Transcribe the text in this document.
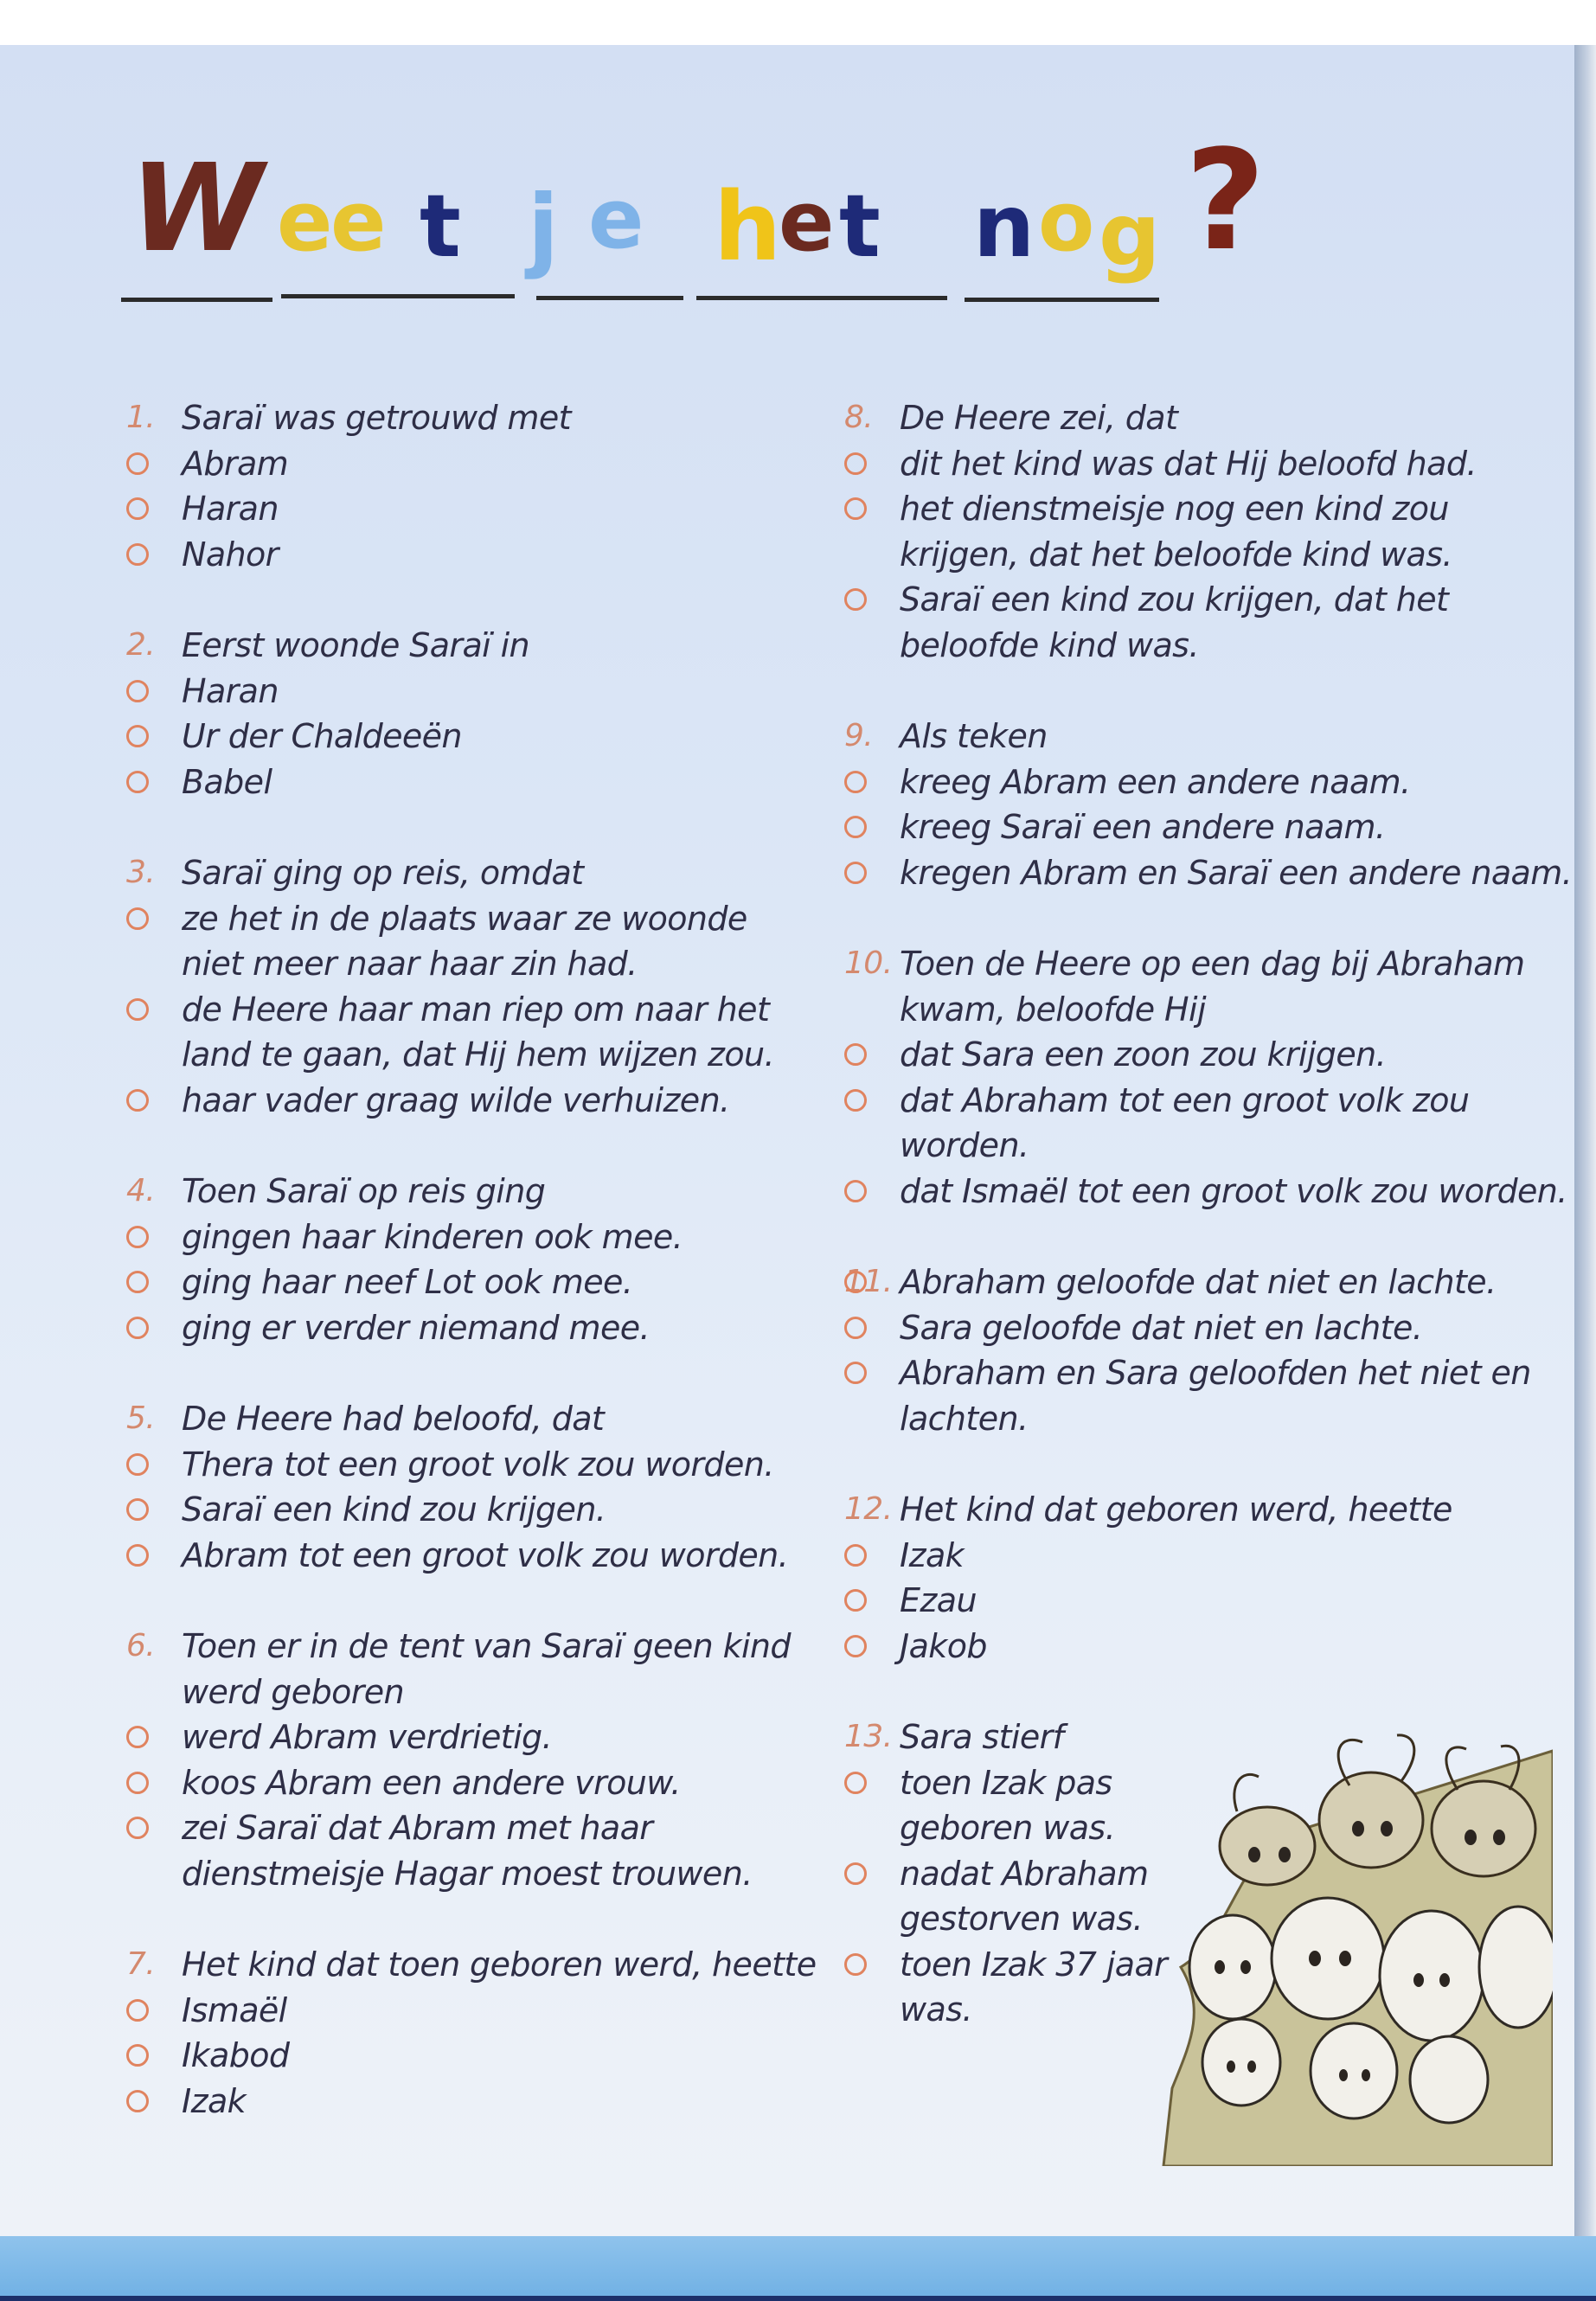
W e
e t j e h
e t n o g ?
1. Saraï was getrouwd met
Abram
Haran
Nahor
2. Eerst woonde Saraï in
Haran
Ur der Chaldeeën
Babel
3. Saraï ging op reis, omdat
ze het in de plaats waar ze woonde
niet meer naar haar zin had.
de Heere haar man riep om naar het
land te gaan, dat Hij hem wijzen zou.
haar vader graag wilde verhuizen.
4. Toen Saraï op reis ging
gingen haar kinderen ook mee.
ging haar neef Lot ook mee.
ging er verder niemand mee.
5. De Heere had beloofd, dat
Thera tot een groot volk zou worden.
Saraï een kind zou krijgen.
Abram tot een groot volk zou worden.
6. Toen er in de tent van Saraï geen kind
werd geboren
werd Abram verdrietig.
koos Abram een andere vrouw.
zei Saraï dat Abram met haar
dienstmeisje Hagar moest trouwen.
7. Het kind dat toen geboren werd, heette
Ismaël
Ikabod
Izak
8. De Heere zei, dat
dit het kind was dat Hij beloofd had.
het dienstmeisje nog een kind zou
krijgen, dat het beloofde kind was.
Saraï een kind zou krijgen, dat het
beloofde kind was.
9. Als teken
kreeg Abram een andere naam.
kreeg Saraï een andere naam.
kregen Abram en Saraï een andere naam.
10. Toen de Heere op een dag bij Abraham
kwam, beloofde Hij
dat Sara een zoon zou krijgen.
dat Abraham tot een groot volk zou
worden.
dat Ismaël tot een groot volk zou worden.
11. Abraham geloofde dat niet en lachte.
Sara geloofde dat niet en lachte.
Abraham en Sara geloofden het niet en
lachten.
12. Het kind dat geboren werd, heette
Izak
Ezau
Jakob
13. Sara stierf
toen Izak pas
geboren was.
nadat Abraham
gestorven was.
toen Izak 37 jaar
was.
